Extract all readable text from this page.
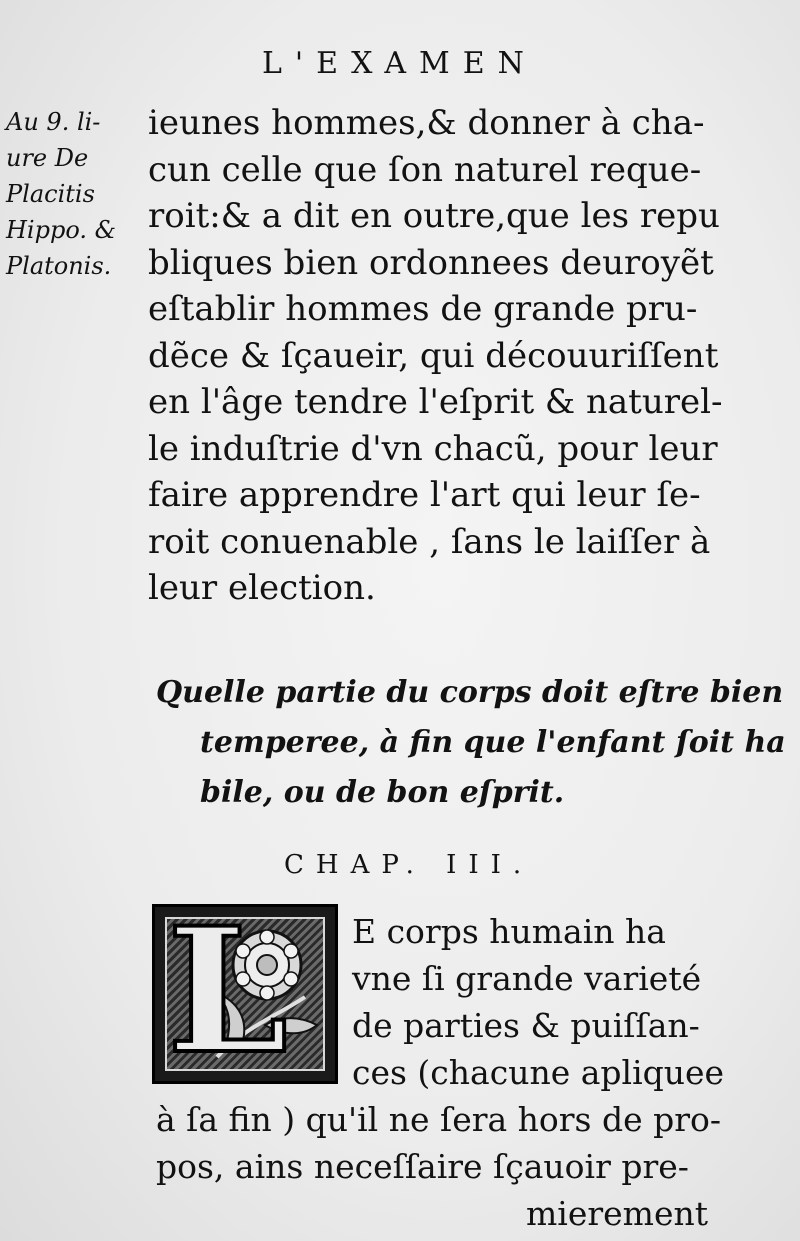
L'EXAMEN
Au 9. li-
ure De
Placitis
Hippo. &
Platonis.
ieunes hommes,& donner à cha-
cun celle que ſon naturel reque-
roit:& a dit en outre,que les repu
bliques bien ordonnees deuroyẽt
eſtablir hommes de grande pru-
dẽce & ſçaueir, qui découuriſſent
en l'âge tendre l'eſprit & naturel-
le induſtrie d'vn chacũ, pour leur
faire apprendre l'art qui leur ſe-
roit conuenable , ſans le laiſſer à
leur election.
Quelle partie du corps doit eſtre bien
temperee, à fin que l'enfant ſoit ha
bile, ou de bon eſprit.
CHAP. III.
L	E corps humain ha
vne ſi grande varieté
de parties & puiſſan-
ces (chacune apliquee
à ſa fin ) qu'il ne ſera hors de pro-
pos, ains neceſſaire ſçauoir pre-
mierement
